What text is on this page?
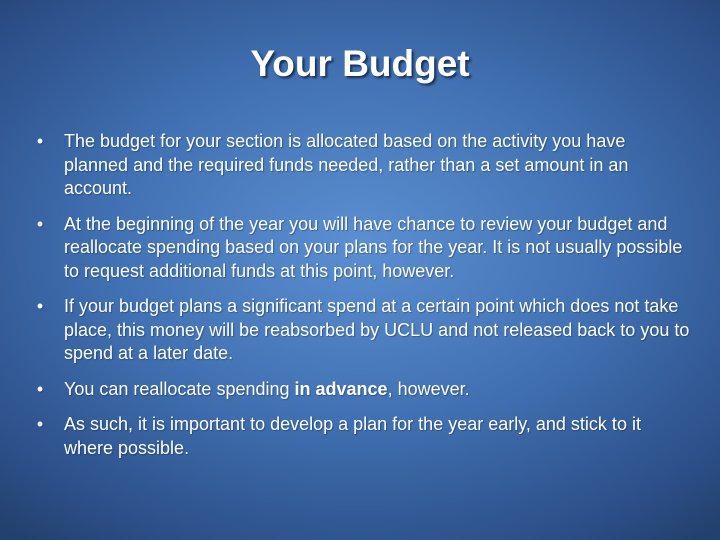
Your Budget
•	The budget for your section is allocated based on the activity you have planned and the required funds needed, rather than a set amount in an account.
•	At the beginning of the year you will have chance to review your budget and reallocate spending based on your plans for the year. It is not usually possible to request additional funds at this point, however.
•	If your budget plans a significant spend at a certain point which does not take place, this money will be reabsorbed by UCLU and not released back to you to spend at a later date.
•	You can reallocate spending in advance, however.
•	As such, it is important to develop a plan for the year early, and stick to it where possible.
